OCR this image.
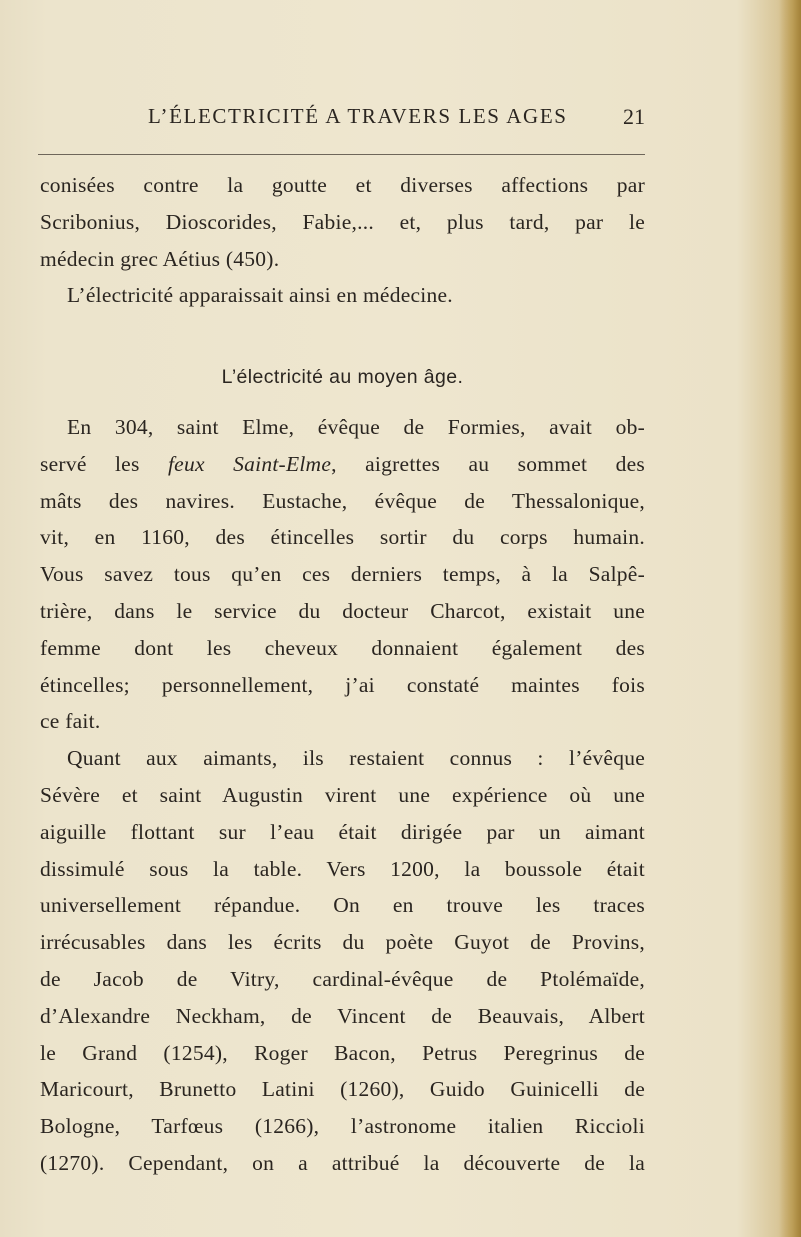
L’ÉLECTRICITÉ A TRAVERS LES AGES	21
conisées contre la goutte et diverses affections par
Scribonius, Dioscorides, Fabie,... et, plus tard, par le
médecin grec Aétius (450).
L’électricité apparaissait ainsi en médecine.
L’électricité au moyen âge.
En 304, saint Elme, évêque de Formies, avait ob-
servé les feux Saint-Elme, aigrettes au sommet des
mâts des navires. Eustache, évêque de Thessalonique,
vit, en 1160, des étincelles sortir du corps humain.
Vous savez tous qu’en ces derniers temps, à la Salpê-
trière, dans le service du docteur Charcot, existait une
femme dont les cheveux donnaient également des
étincelles; personnellement, j’ai constaté maintes fois
ce fait.
Quant aux aimants, ils restaient connus : l’évêque
Sévère et saint Augustin virent une expérience où une
aiguille flottant sur l’eau était dirigée par un aimant
dissimulé sous la table. Vers 1200, la boussole était
universellement répandue. On en trouve les traces
irrécusables dans les écrits du poète Guyot de Provins,
de Jacob de Vitry, cardinal-évêque de Ptolémaïde,
d’Alexandre Neckham, de Vincent de Beauvais, Albert
le Grand (1254), Roger Bacon, Petrus Peregrinus de
Maricourt, Brunetto Latini (1260), Guido Guinicelli de
Bologne, Tarfœus (1266), l’astronome italien Riccioli
(1270). Cependant, on a attribué la découverte de la
